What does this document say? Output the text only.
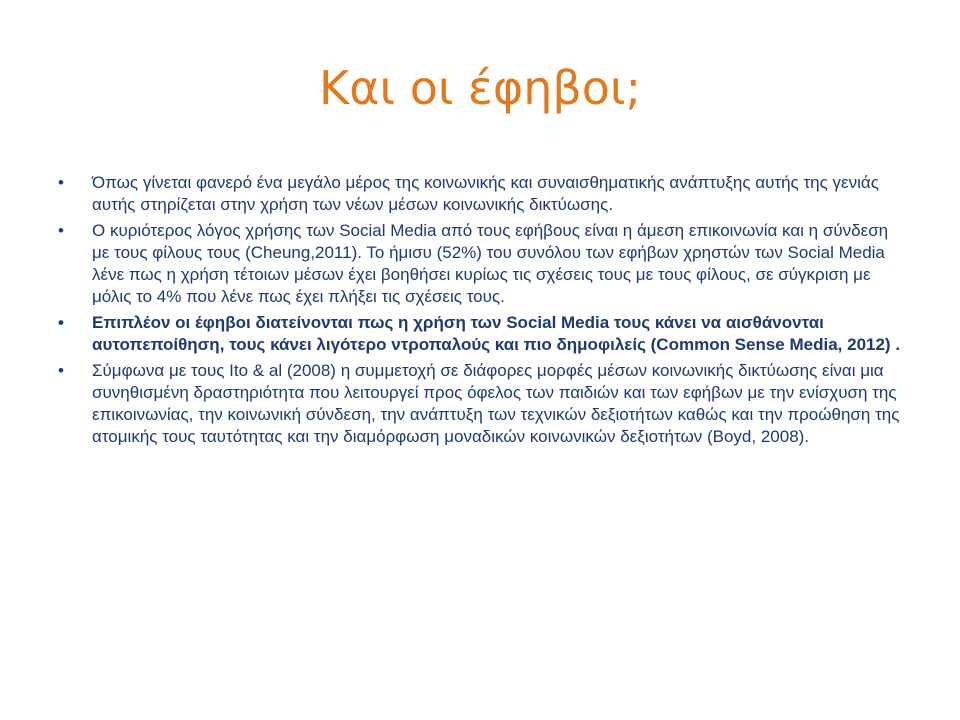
Και οι έφηβοι;
•	Όπως γίνεται φανερό ένα μεγάλο μέρος της κοινωνικής και συναισθηματικής ανάπτυξης αυτής της γενιάς αυτής στηρίζεται στην χρήση των νέων μέσων κοινωνικής δικτύωσης.
•	Ο κυριότερος λόγος χρήσης των Social Media από τους εφήβους είναι η άμεση επικοινωνία και η σύνδεση με τους φίλους τους (Cheung,2011). Το ήμισυ (52%) του συνόλου των εφήβων χρηστών των Social Media λένε πως η χρήση τέτοιων μέσων έχει βοηθήσει κυρίως τις σχέσεις τους με τους φίλους, σε σύγκριση με μόλις το 4% που λένε πως έχει πλήξει τις σχέσεις τους.
•	Επιπλέον οι έφηβοι διατείνονται πως η χρήση των Social Media τους κάνει να αισθάνονται αυτοπεποίθηση, τους κάνει λιγότερο ντροπαλούς και πιο δημοφιλείς (Common Sense Media, 2012) .
•	Σύμφωνα με τους Ito & al (2008) η συμμετοχή σε διάφορες μορφές μέσων κοινωνικής δικτύωσης είναι μια συνηθισμένη δραστηριότητα που λειτουργεί προς όφελος των παιδιών και των εφήβων με την ενίσχυση της επικοινωνίας, την κοινωνική σύνδεση, την ανάπτυξη των τεχνικών δεξιοτήτων καθώς και την προώθηση της ατομικής τους ταυτότητας και την διαμόρφωση μοναδικών κοινωνικών δεξιοτήτων (Boyd, 2008).
